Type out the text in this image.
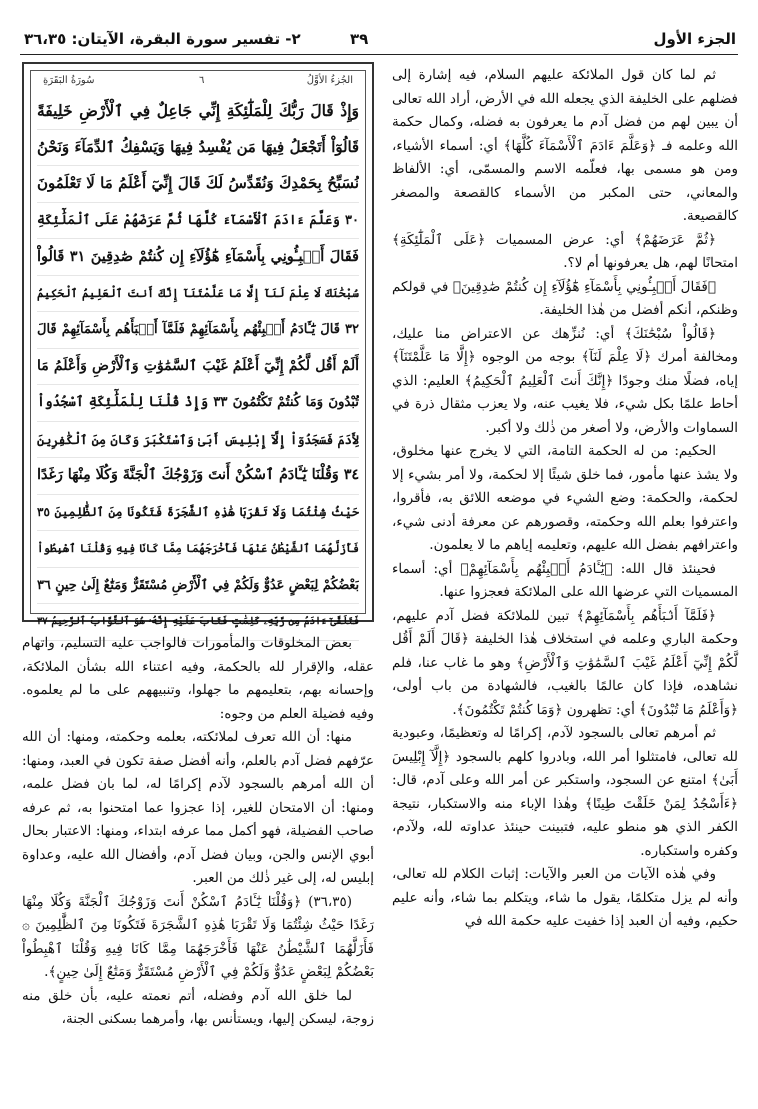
الجزء الأول
٣٩
٢- تفسير سورة البقرة، الآيتان: ٣٦،٣٥
الجُزءُ الأوَّلُ
٦
سُورَةُ البَقَرَةِ
وَإِذْ قَالَ رَبُّكَ لِلْمَلَٰٓئِكَةِ إِنِّي جَاعِلٌ فِي ٱلْأَرْضِ خَلِيفَةً
قَالُوٓاْ أَتَجْعَلُ فِيهَا مَن يُفْسِدُ فِيهَا وَيَسْفِكُ ٱلدِّمَآءَ وَنَحْنُ
نُسَبِّحُ بِحَمْدِكَ وَنُقَدِّسُ لَكَ قَالَ إِنِّيٓ أَعْلَمُ مَا لَا تَعْلَمُونَ
٣٠ وَعَلَّمَ ءَادَمَ ٱلْأَسْمَآءَ كُلَّهَا ثُمَّ عَرَضَهُمْ عَلَى ٱلْمَلَٰٓئِكَةِ
فَقَالَ أَنۢبِـُٔونِي بِأَسْمَآءِ هَٰٓؤُلَآءِ إِن كُنتُمْ صَٰدِقِينَ ٣١ قَالُواْ
سُبْحَٰنَكَ لَا عِلْمَ لَنَآ إِلَّا مَا عَلَّمْتَنَآ إِنَّكَ أَنتَ ٱلْعَلِيمُ ٱلْحَكِيمُ
٣٢ قَالَ يَٰٓـَٔادَمُ أَنۢبِئْهُم بِأَسْمَآئِهِمْ فَلَمَّآ أَنۢبَأَهُم بِأَسْمَآئِهِمْ قَالَ
أَلَمْ أَقُل لَّكُمْ إِنِّيٓ أَعْلَمُ غَيْبَ ٱلسَّمَٰوَٰتِ وَٱلْأَرْضِ وَأَعْلَمُ مَا
تُبْدُونَ وَمَا كُنتُمْ تَكْتُمُونَ ٣٣ وَإِذْ قُلْنَا لِلْمَلَٰٓئِكَةِ ٱسْجُدُواْ
لِأَدَمَ فَسَجَدُوٓاْ إِلَّآ إِبْلِيسَ أَبَىٰ وَٱسْتَكْبَرَ وَكَانَ مِنَ ٱلْكَٰفِرِينَ
٣٤ وَقُلْنَا يَٰٓـَٔادَمُ ٱسْكُنْ أَنتَ وَزَوْجُكَ ٱلْجَنَّةَ وَكُلَا مِنْهَا رَغَدًا
حَيْثُ شِئْتُمَا وَلَا تَقْرَبَا هَٰذِهِ ٱلشَّجَرَةَ فَتَكُونَا مِنَ ٱلظَّٰلِمِينَ ٣٥
فَأَزَلَّهُمَا ٱلشَّيْطَٰنُ عَنْهَا فَأَخْرَجَهُمَا مِمَّا كَانَا فِيهِ وَقُلْنَا ٱهْبِطُواْ
بَعْضُكُمْ لِبَعْضٍ عَدُوٌّ وَلَكُمْ فِي ٱلْأَرْضِ مُسْتَقَرٌّ وَمَتَٰعٌ إِلَىٰ حِينٍ ٣٦
فَتَلَقَّىٰٓ ءَادَمُ مِن رَّبِّهِۦ كَلِمَٰتٍ فَتَابَ عَلَيْهِ إِنَّهُۥ هُوَ ٱلتَّوَّابُ ٱلرَّحِيمُ ٣٧

ثم لما كان قول الملائكة عليهم السلام، فيه إشارة إلى فضلهم على الخليفة الذي يجعله الله في الأرض، أراد الله تعالى أن يبين لهم من فضل آدم ما يعرفون به فضله، وكمال حكمة الله وعلمه فـ ﴿وَعَلَّمَ ءَادَمَ ٱلْأَسْمَآءَ كُلَّهَا﴾ أي: أسماء الأشياء، ومن هو مسمى بها، فعلّمه الاسم والمسمّى، أي: الألفاظ والمعاني، حتى المكبر من الأسماء كالقصعة والمصغر كالقصيعة.

﴿ثُمَّ عَرَضَهُمْ﴾ أي: عرض المسميات ﴿عَلَى ٱلْمَلَٰٓئِكَةِ﴾ امتحانًا لهم، هل يعرفونها أم لا؟.

﴿فَقَالَ أَنۢبِـُٔونِي بِأَسْمَآءِ هَٰٓؤُلَآءِ إِن كُنتُمْ صَٰدِقِينَ﴾ في قولكم وظنكم، أنكم أفضل من هٰذا الخليفة.

﴿قَالُواْ سُبْحَٰنَكَ﴾ أي: نُنزِّهك عن الاعتراض منا عليك، ومخالفة أمرك ﴿لَا عِلْمَ لَنَآ﴾ بوجه من الوجوه ﴿إِلَّا مَا عَلَّمْتَنَآ﴾ إياه، فضلًا منك وجودًا ﴿إِنَّكَ أَنتَ ٱلْعَلِيمُ ٱلْحَكِيمُ﴾ العليم: الذي أحاط علمًا بكل شيء، فلا يغيب عنه، ولا يعزب مثقال ذرة في السماوات والأرض، ولا أصغر من ذٰلك ولا أكبر.

الحكيم: من له الحكمة التامة، التي لا يخرج عنها مخلوق، ولا يشذ عنها مأمور، فما خلق شيئًا إلا لحكمة، ولا أمر بشيء إلا لحكمة، والحكمة: وضع الشيء في موضعه اللائق به، فأقروا، واعترفوا بعلم الله وحكمته، وقصورهم عن معرفة أدنى شيء، واعترافهم بفضل الله عليهم، وتعليمه إياهم ما لا يعلمون.

فحينئذ قال الله: ﴿يَٰٓـَٔادَمُ أَنۢبِئْهُم بِأَسْمَآئِهِمْ﴾ أي: أسماء المسميات التي عرضها الله على الملائكة فعجزوا عنها.

﴿فَلَمَّآ أَنۢبَأَهُم بِأَسْمَآئِهِمْ﴾ تبين للملائكة فضل آدم عليهم، وحكمة الباري وعلمه في استخلاف هٰذا الخليفة ﴿قَالَ أَلَمْ أَقُل لَّكُمْ إِنِّيٓ أَعْلَمُ غَيْبَ ٱلسَّمَٰوَٰتِ وَٱلْأَرْضِ﴾ وهو ما غاب عنا، فلم نشاهده، فإذا كان عالمًا بالغيب، فالشهادة من باب أولى، ﴿وَأَعْلَمُ مَا تُبْدُونَ﴾ أي: تظهرون ﴿وَمَا كُنتُمْ تَكْتُمُونَ﴾.

ثم أمرهم تعالى بالسجود لآدم، إكرامًا له وتعظيمًا، وعبودية لله تعالى، فامتثلوا أمر الله، وبادروا كلهم بالسجود ﴿إِلَّآ إِبْلِيسَ أَبَىٰ﴾ امتنع عن السجود، واستكبر عن أمر الله وعلى آدم، قال: ﴿ءَأَسْجُدُ لِمَنْ خَلَقْتَ طِينًا﴾ وهٰذا الإباء منه والاستكبار، نتيجة الكفر الذي هو منطو عليه، فتبينت حينئذ عداوته لله، ولآدم، وكفره واستكباره.

وفي هٰذه الآيات من العبر والآيات: إثبات الكلام لله تعالى، وأنه لم يزل متكلمًا، يقول ما شاء، ويتكلم بما شاء، وأنه عليم حكيم، وفيه أن العبد إذا خفيت عليه حكمة الله في

بعض المخلوقات والمأمورات فالواجب عليه التسليم، واتهام عقله، والإقرار لله بالحكمة، وفيه اعتناء الله بشأن الملائكة، وإحسانه بهم، بتعليمهم ما جهلوا، وتنبيههم على ما لم يعلموه. وفيه فضيلة العلم من وجوه:

منها: أن الله تعرف لملائكته، بعلمه وحكمته، ومنها: أن الله عرّفهم فضل آدم بالعلم، وأنه أفضل صفة تكون في العبد، ومنها: أن الله أمرهم بالسجود لآدم إكرامًا له، لما بان فضل علمه، ومنها: أن الامتحان للغير، إذا عجزوا عما امتحنوا به، ثم عرفه صاحب الفضيلة، فهو أكمل مما عرفه ابتداء، ومنها: الاعتبار بحال أبوي الإنس والجن، وبيان فضل آدم، وأفضال الله عليه، وعداوة إبليس له، إلى غير ذٰلك من العبر.

(٣٦،٣٥) ﴿وَقُلْنَا يَٰٓـَٔادَمُ ٱسْكُنْ أَنتَ وَزَوْجُكَ ٱلْجَنَّةَ وَكُلَا مِنْهَا رَغَدًا حَيْثُ شِئْتُمَا وَلَا تَقْرَبَا هَٰذِهِ ٱلشَّجَرَةَ فَتَكُونَا مِنَ ٱلظَّٰلِمِينَ ۞ فَأَزَلَّهُمَا ٱلشَّيْطَٰنُ عَنْهَا فَأَخْرَجَهُمَا مِمَّا كَانَا فِيهِ وَقُلْنَا ٱهْبِطُواْ بَعْضُكُمْ لِبَعْضٍ عَدُوٌّ وَلَكُمْ فِي ٱلْأَرْضِ مُسْتَقَرٌّ وَمَتَٰعٌ إِلَىٰ حِينٍ﴾.

لما خلق الله آدم وفضله، أتم نعمته عليه، بأن خلق منه زوجة، ليسكن إليها، ويستأنس بها، وأمرهما بسكنى الجنة،
